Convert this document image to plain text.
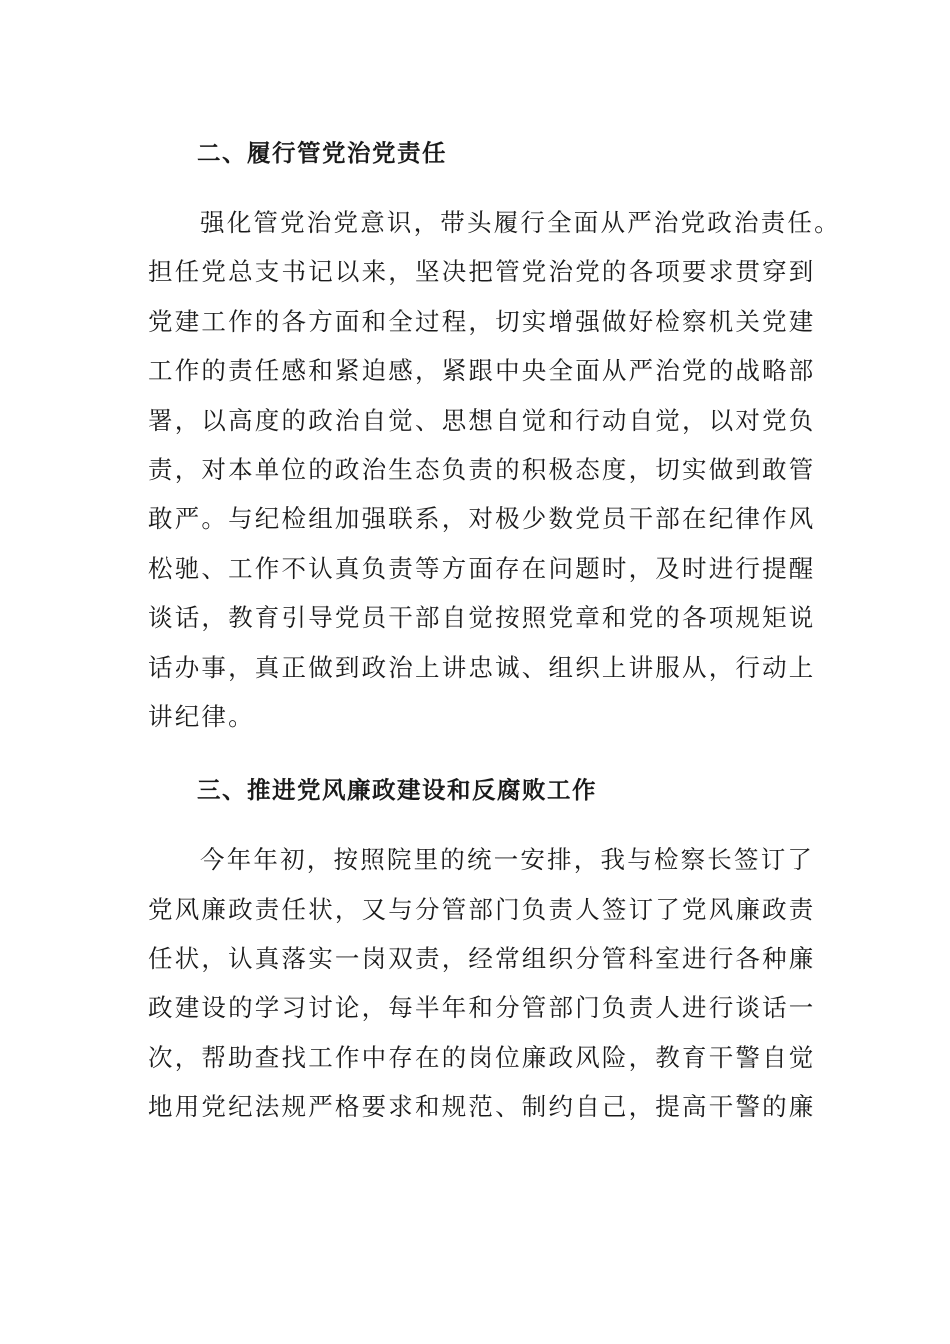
二、履行管党治党责任

强化管党治党意识，带头履行全面从严治党政治责任。
担任党总支书记以来，坚决把管党治党的各项要求贯穿到
党建工作的各方面和全过程，切实增强做好检察机关党建
工作的责任感和紧迫感，紧跟中央全面从严治党的战略部
署，以高度的政治自觉、思想自觉和行动自觉，以对党负
责，对本单位的政治生态负责的积极态度，切实做到敢管
敢严。与纪检组加强联系，对极少数党员干部在纪律作风
松驰、工作不认真负责等方面存在问题时，及时进行提醒
谈话，教育引导党员干部自觉按照党章和党的各项规矩说
话办事，真正做到政治上讲忠诚、组织上讲服从，行动上
讲纪律。

三、推进党风廉政建设和反腐败工作

今年年初，按照院里的统一安排，我与检察长签订了
党风廉政责任状，又与分管部门负责人签订了党风廉政责
任状，认真落实一岗双责，经常组织分管科室进行各种廉
政建设的学习讨论，每半年和分管部门负责人进行谈话一
次，帮助查找工作中存在的岗位廉政风险，教育干警自觉
地用党纪法规严格要求和规范、制约自己，提高干警的廉
